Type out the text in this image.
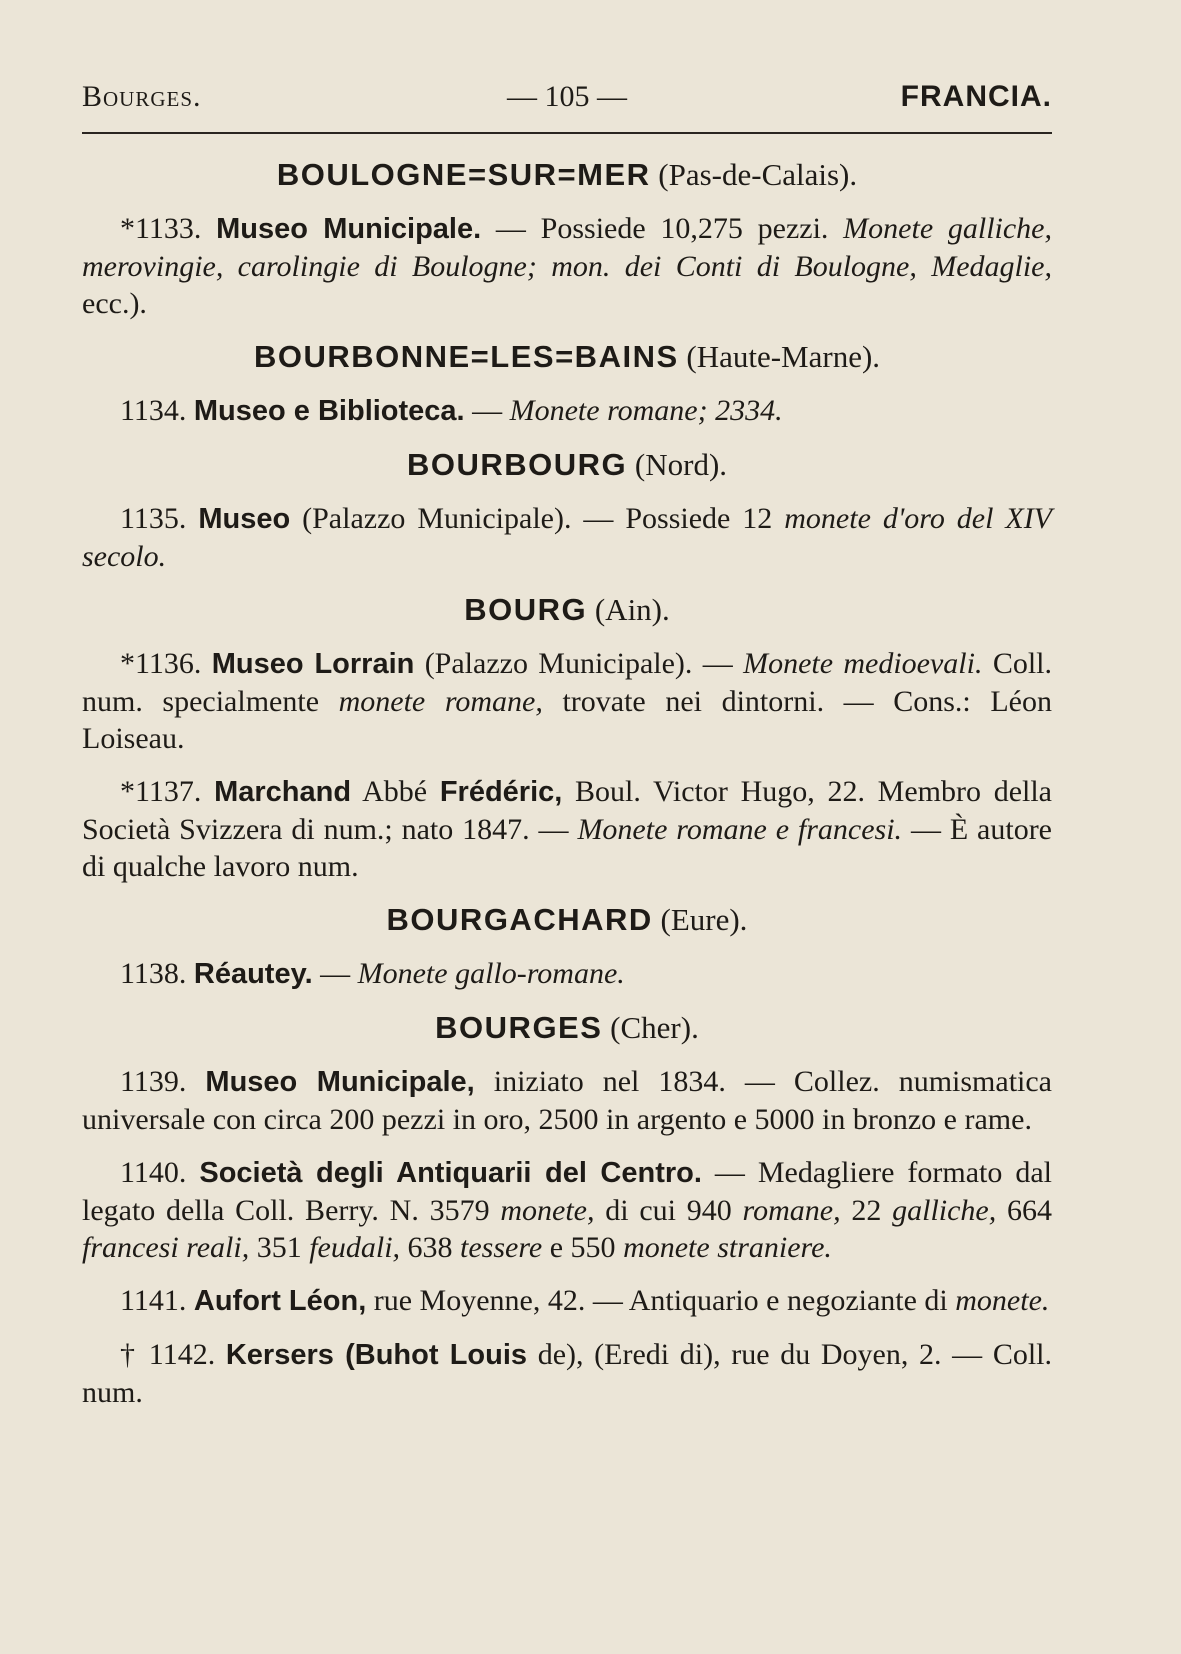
Bourges.	— 105 —	FRANCIA.
BOULOGNE=SUR=MER (Pas-de-Calais).

*1133. Museo Municipale. — Possiede 10,275 pezzi. Monete galliche, merovingie, carolingie di Boulogne; mon. dei Conti di Boulogne, Medaglie, ecc.).

BOURBONNE=LES=BAINS (Haute-Marne).

1134. Museo e Biblioteca. — Monete romane; 2334.

BOURBOURG (Nord).

1135. Museo (Palazzo Municipale). — Possiede 12 monete d'oro del XIV secolo.

BOURG (Ain).

*1136. Museo Lorrain (Palazzo Municipale). — Monete medioevali. Coll. num. specialmente monete romane, trovate nei dintorni. — Cons.: Léon Loiseau.

*1137. Marchand Abbé Frédéric, Boul. Victor Hugo, 22. Membro della Società Svizzera di num.; nato 1847. — Monete romane e francesi. — È autore di qualche lavoro num.

BOURGACHARD (Eure).

1138. Réautey. — Monete gallo-romane.

BOURGES (Cher).

1139. Museo Municipale, iniziato nel 1834. — Collez. numismatica universale con circa 200 pezzi in oro, 2500 in argento e 5000 in bronzo e rame.

1140. Società degli Antiquarii del Centro. — Medagliere formato dal legato della Coll. Berry. N. 3579 monete, di cui 940 romane, 22 galliche, 664 francesi reali, 351 feudali, 638 tessere e 550 monete straniere.

1141. Aufort Léon, rue Moyenne, 42. — Antiquario e negoziante di monete.

† 1142. Kersers (Buhot Louis de), (Eredi di), rue du Doyen, 2. — Coll. num.
